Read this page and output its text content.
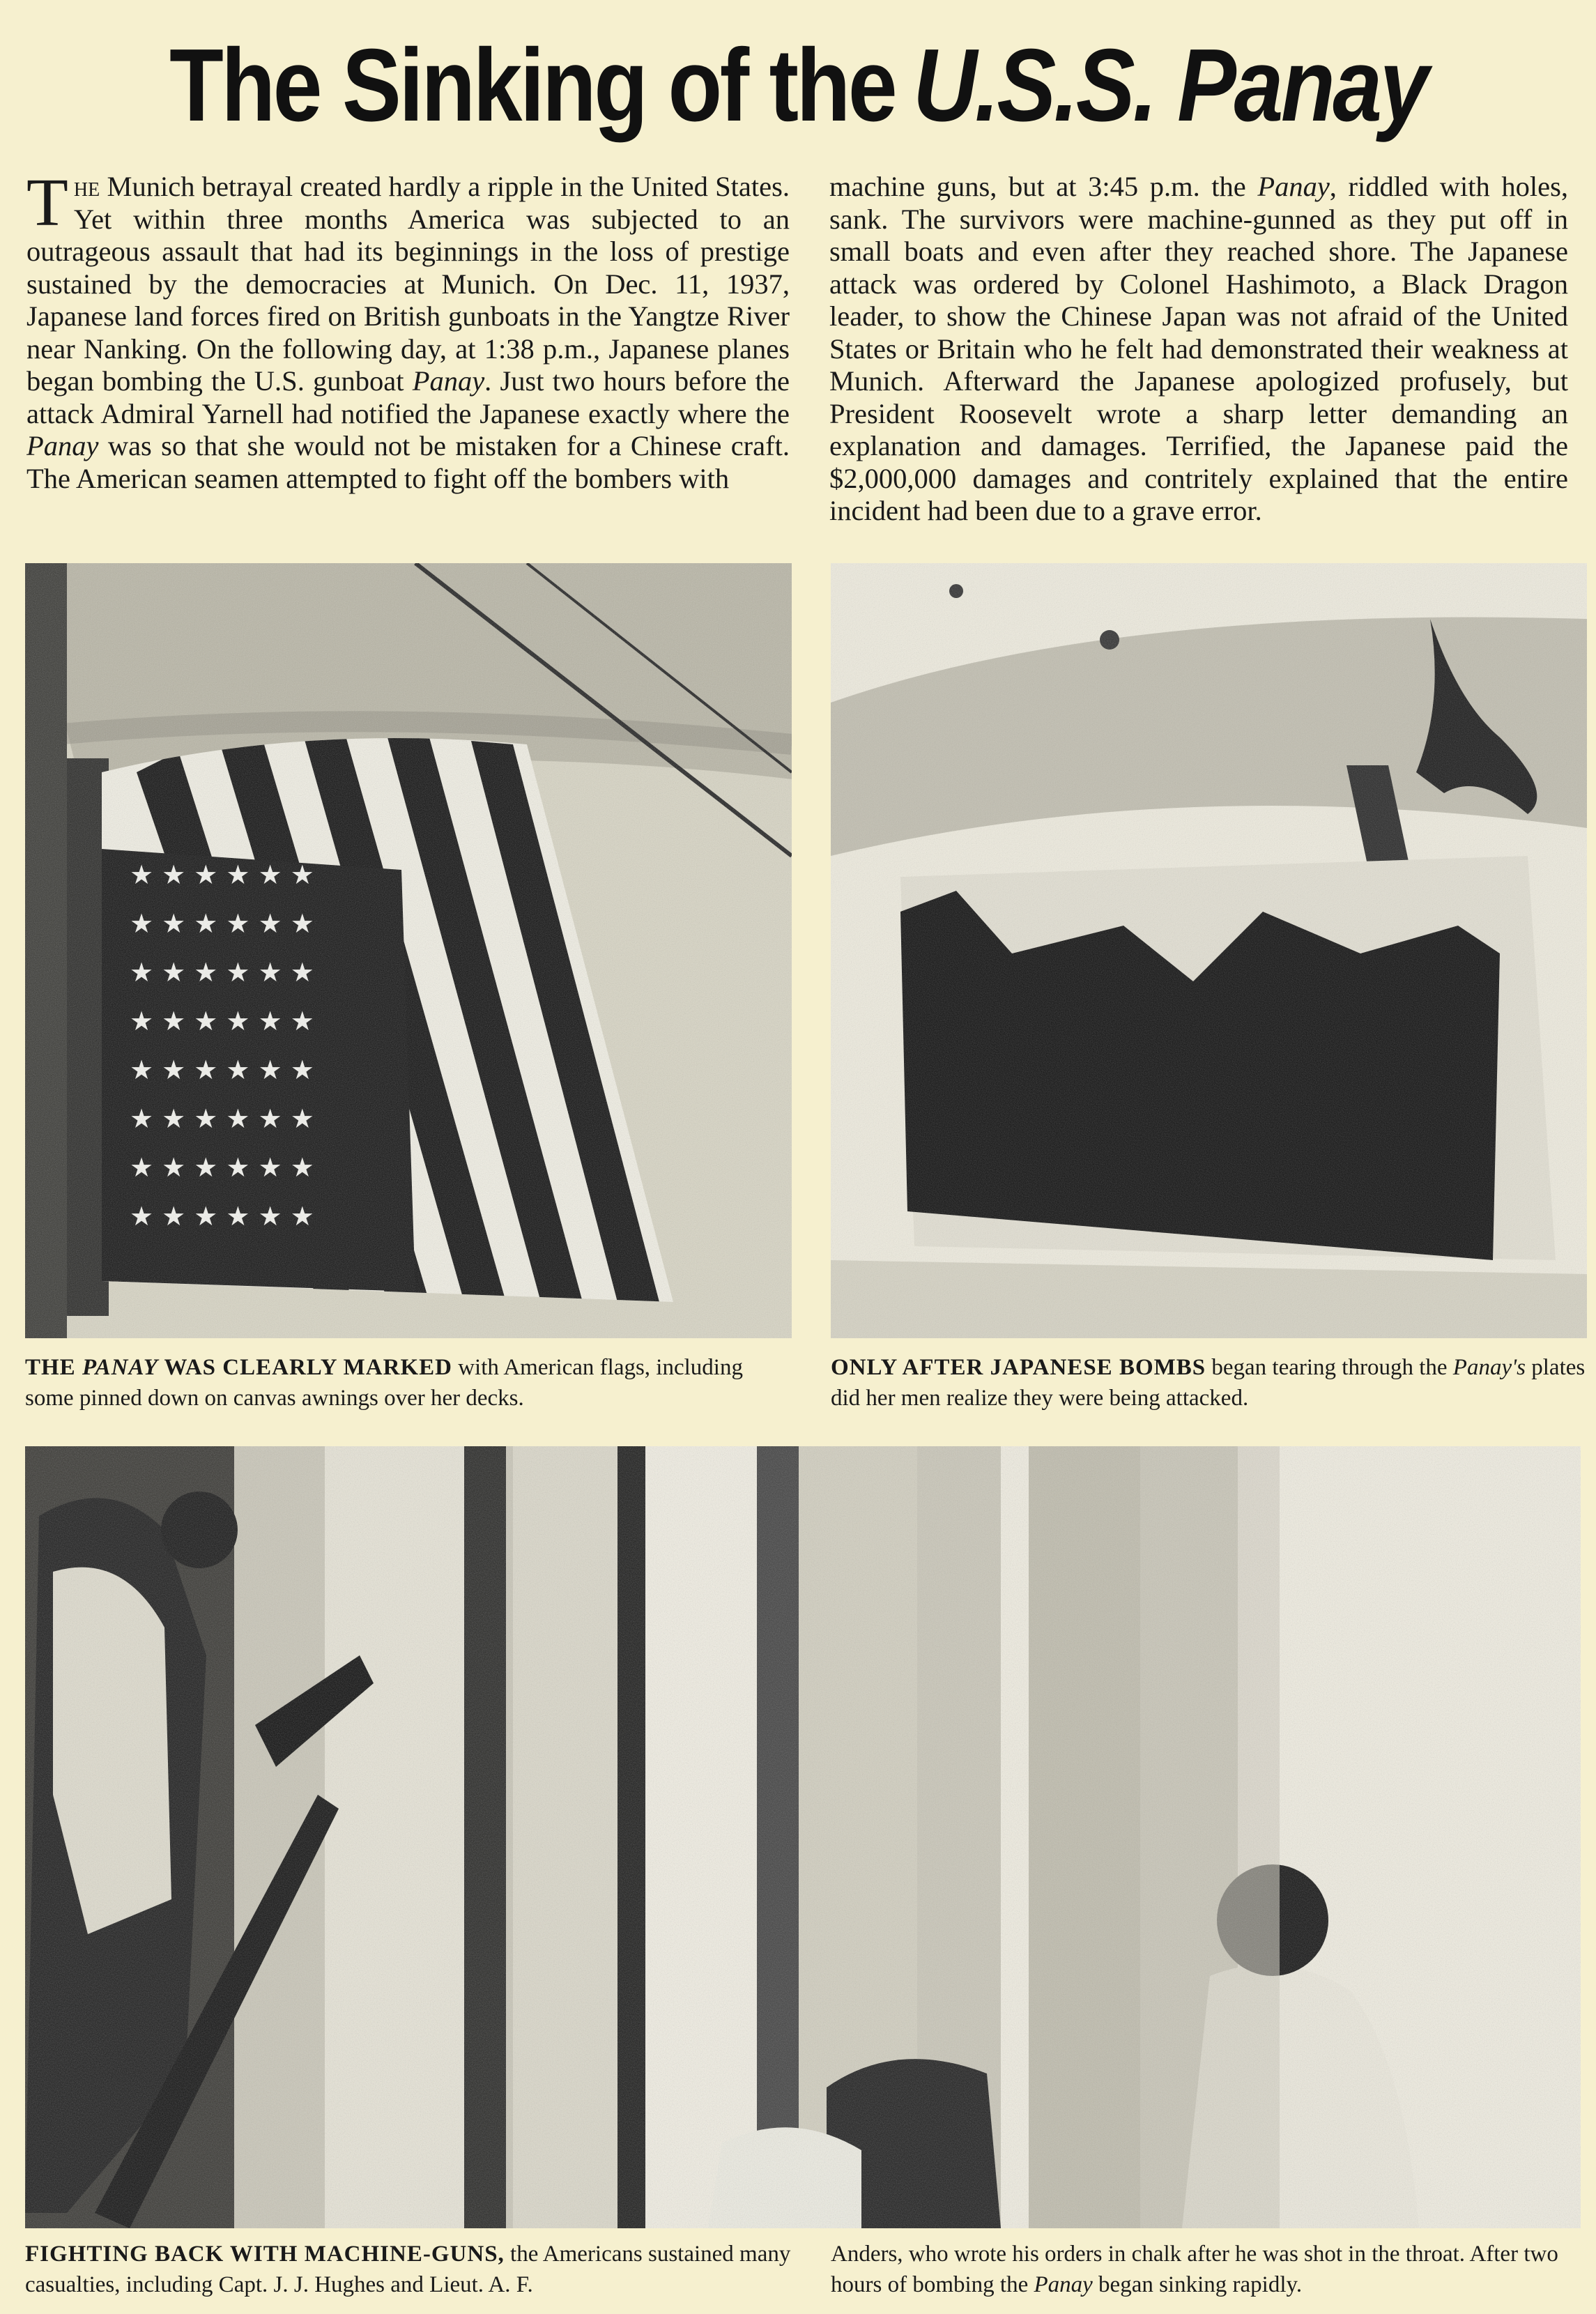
The Sinking of the U.S.S. Panay
The Munich betrayal created hardly a ripple in the United States. Yet within three months America was subjected to an outrageous assault that had its beginnings in the loss of prestige sustained by the democracies at Munich. On Dec. 11, 1937, Japanese land forces fired on British gunboats in the Yangtze River near Nanking. On the following day, at 1:38 p.m., Japanese planes began bombing the U.S. gunboat Panay. Just two hours before the attack Admiral Yarnell had notified the Japanese exactly where the Panay was so that she would not be mistaken for a Chinese craft. The American seamen attempted to fight off the bombers with
machine guns, but at 3:45 p.m. the Panay, riddled with holes, sank. The survivors were machine-gunned as they put off in small boats and even after they reached shore. The Japanese attack was ordered by Colonel Hashimoto, a Black Dragon leader, to show the Chinese Japan was not afraid of the United States or Britain who he felt had demonstrated their weakness at Munich. Afterward the Japanese apologized profusely, but President Roosevelt wrote a sharp letter demanding an explanation and damages. Terrified, the Japanese paid the $2,000,000 damages and contritely explained that the entire incident had been due to a grave error.
THE PANAY WAS CLEARLY MARKED with American flags, including some pinned down on canvas awnings over her decks.
ONLY AFTER JAPANESE BOMBS began tearing through the Panay's plates did her men realize they were being attacked.
FIGHTING BACK WITH MACHINE-GUNS, the Americans sustained many casualties, including Capt. J. J. Hughes and Lieut. A. F.
Anders, who wrote his orders in chalk after he was shot in the throat. After two hours of bombing the Panay began sinking rapidly.
